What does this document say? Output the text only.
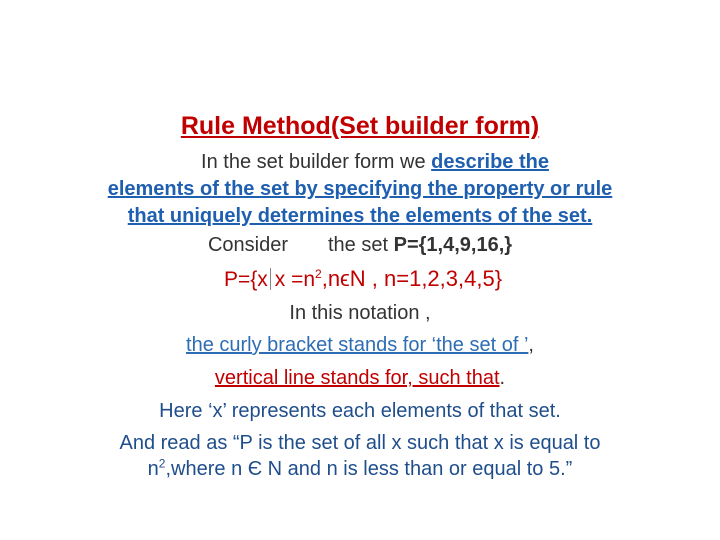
Rule Method(Set builder form)
In the set builder form we describe the
elements of the set by specifying the property or rule
that uniquely determines the elements of the set.
Consider the set P={1,4,9,16,}
P={x $x =n^2,n\epsilon N$ , n=1,2,3,4,5}
In this notation ,
the curly bracket stands for ‘the set of ’,
vertical line stands for, such that.
Here ‘x’ represents each elements of that set.
And read as “P is the set of all x such that x is equal to
$n^2,where$ n Є N and n is less than or equal to 5.”
